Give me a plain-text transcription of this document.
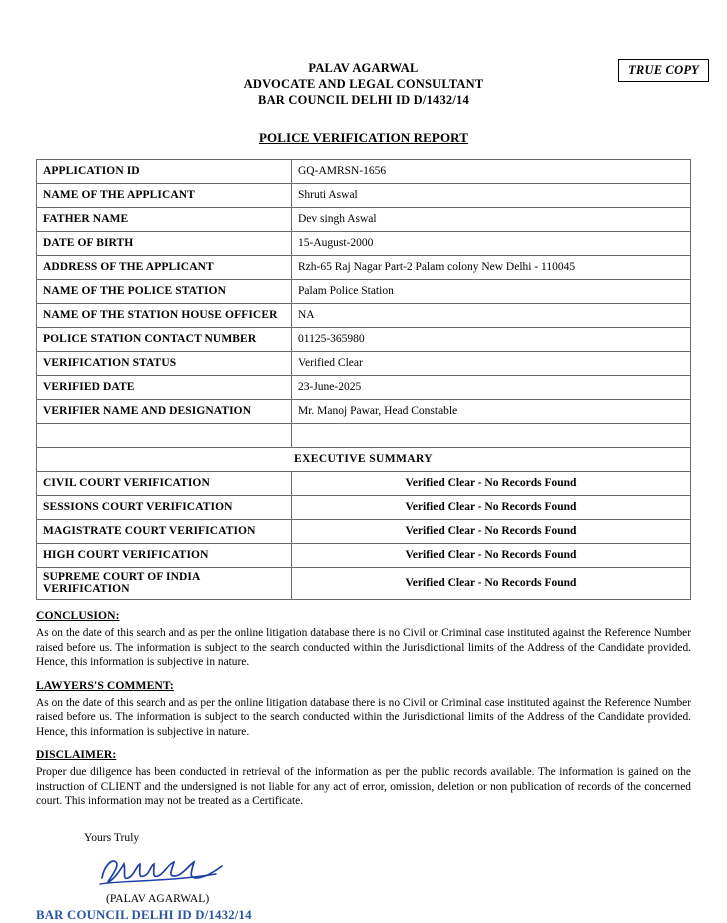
TRUE COPY
PALAV AGARWAL
ADVOCATE AND LEGAL CONSULTANT
BAR COUNCIL DELHI ID D/1432/14
POLICE VERIFICATION REPORT
APPLICATION ID	GQ-AMRSN-1656
NAME OF THE APPLICANT	Shruti Aswal
FATHER NAME	Dev singh Aswal
DATE OF BIRTH	15-August-2000
ADDRESS OF THE APPLICANT	Rzh-65 Raj Nagar Part-2 Palam colony New Delhi - 110045
NAME OF THE POLICE STATION	Palam Police Station
NAME OF THE STATION HOUSE OFFICER	NA
POLICE STATION CONTACT NUMBER	01125-365980
VERIFICATION STATUS	Verified Clear
VERIFIED DATE	23-June-2025
VERIFIER NAME AND DESIGNATION	Mr. Manoj Pawar, Head Constable

EXECUTIVE SUMMARY	
CIVIL COURT VERIFICATION	Verified Clear - No Records Found
SESSIONS COURT VERIFICATION	Verified Clear - No Records Found
MAGISTRATE COURT VERIFICATION	Verified Clear - No Records Found
HIGH COURT VERIFICATION	Verified Clear - No Records Found
SUPREME COURT OF INDIA VERIFICATION	Verified Clear - No Records Found
CONCLUSION:

As on the date of this search and as per the online litigation database there is no Civil or Criminal case instituted against the Reference Number raised before us. The information is subject to the search conducted within the Jurisdictional limits of the Address of the Candidate provided. Hence, this information is subjective in nature.

LAWYERS'S COMMENT:

As on the date of this search and as per the online litigation database there is no Civil or Criminal case instituted against the Reference Number raised before us. The information is subject to the search conducted within the Jurisdictional limits of the Address of the Candidate provided. Hence, this information is subjective in nature.

DISCLAIMER:

Proper due diligence has been conducted in retrieval of the information as per the public records available. The information is gained on the instruction of CLIENT and the undersigned is not liable for any act of error, omission, deletion or non publication of records of the concerned court. This information may not be treated as a Certificate.

Yours Truly
(PALAV AGARWAL)
BAR COUNCIL DELHI ID D/1432/14
